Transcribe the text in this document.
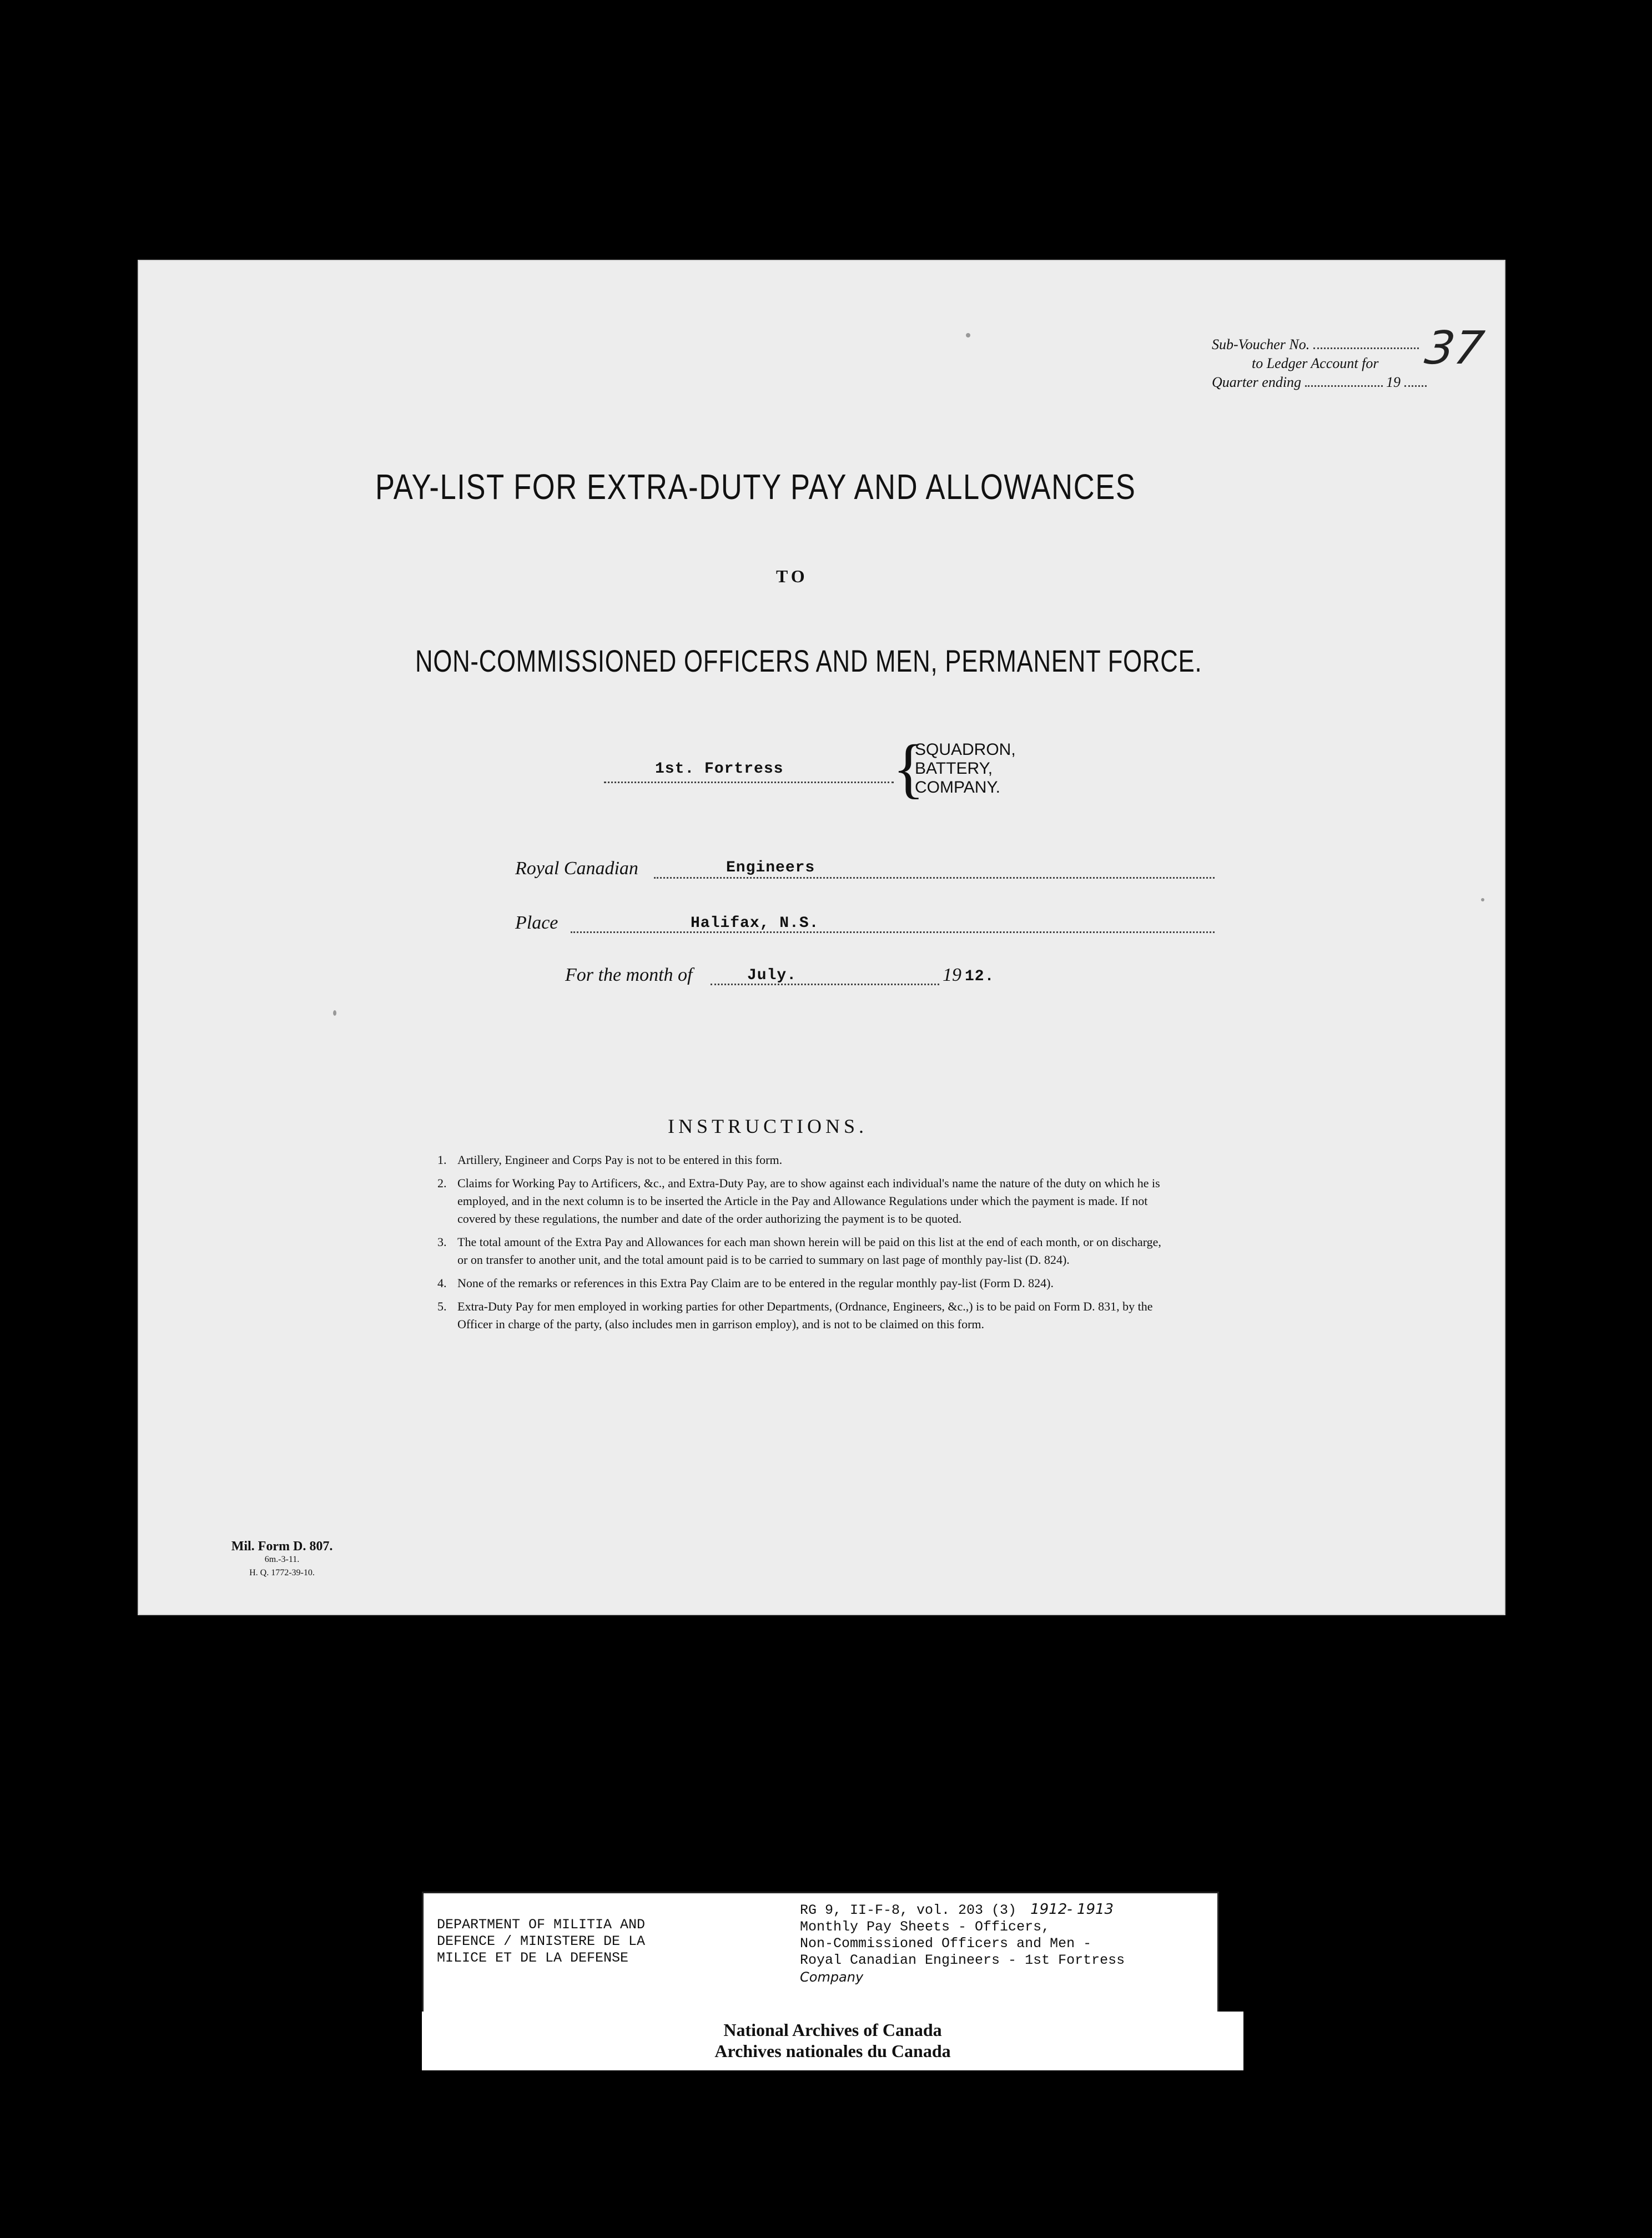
Sub-Voucher No.
to Ledger Account for
Quarter ending	19
37
PAY-LIST FOR EXTRA-DUTY PAY AND ALLOWANCES
TO
NON-COMMISSIONED OFFICERS AND MEN, PERMANENT FORCE.
1st. Fortress {
SQUADRON,
BATTERY,
COMPANY.
Royal Canadian	Engineers
Place	Halifax, N.S.
For the month of	July.	19 12.
INSTRUCTIONS.
1. Artillery, Engineer and Corps Pay is not to be entered in this form.
2. Claims for Working Pay to Artificers, &c., and Extra-Duty Pay, are to show against each individual's name the nature of the duty on which he is employed, and in the next column is to be inserted the Article in the Pay and Allowance Regulations under which the payment is made. If not covered by these regulations, the number and date of the order authorizing the payment is to be quoted.
3. The total amount of the Extra Pay and Allowances for each man shown herein will be paid on this list at the end of each month, or on discharge, or on transfer to another unit, and the total amount paid is to be carried to summary on last page of monthly pay-list (D. 824).
4. None of the remarks or references in this Extra Pay Claim are to be entered in the regular monthly pay-list (Form D. 824).
5. Extra-Duty Pay for men employed in working parties for other Departments, (Ordnance, Engineers, &c.,) is to be paid on Form D. 831, by the Officer in charge of the party, (also includes men in garrison employ), and is not to be claimed on this form.
Mil. Form D. 807.
6m.-3-11.
H. Q. 1772-39-10.
DEPARTMENT OF MILITIA AND
DEFENCE / MINISTERE DE LA
MILICE ET DE LA DEFENSE
RG 9, II-F-8, vol. 203 (3) 1912- 1913
Monthly Pay Sheets - Officers,
Non-Commissioned Officers and Men -
Royal Canadian Engineers - 1st Fortress
Company
National Archives of Canada
Archives nationales du Canada
